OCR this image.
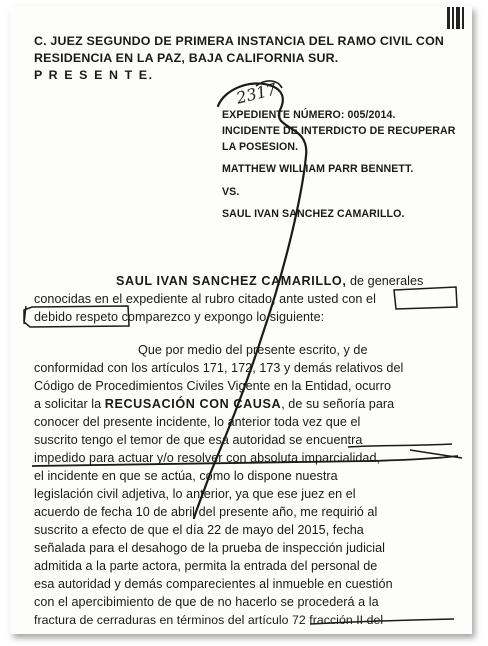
C. JUEZ SEGUNDO DE PRIMERA INSTANCIA DEL RAMO CIVIL CON
RESIDENCIA EN LA PAZ, BAJA CALIFORNIA SUR.
P R E S E N T E.
2317
EXPEDIENTE NÚMERO: 005/2014.
INCIDENTE DE INTERDICTO DE RECUPERAR
LA POSESION.
MATTHEW WILLIAM PARR BENNETT.
VS.
SAUL IVAN SANCHEZ CAMARILLO.
SAUL IVAN SANCHEZ CAMARILLO, de generales
conocidas en el expediente al rubro citado, ante usted con el
debido respeto comparezco y expongo lo siguiente:
Que por medio del presente escrito, y de
conformidad con los artículos 171, 172, 173 y demás relativos del
Código de Procedimientos Civiles Vigente en la Entidad, ocurro
a solicitar la RECUSACIÓN CON CAUSA, de su señoría para
conocer del presente incidente, lo anterior toda vez que el
suscrito tengo el temor de que esa autoridad se encuentra
impedido para actuar y/o resolver con absoluta imparcialidad,
el incidente en que se actúa, como lo dispone nuestra
legislación civil adjetiva, lo anterior, ya que ese juez en el
acuerdo de fecha 10 de abril del presente año, me requirió al
suscrito a efecto de que el día 22 de mayo del 2015, fecha
señalada para el desahogo de la prueba de inspección judicial
admitida a la parte actora, permita la entrada del personal de
esa autoridad y demás comparecientes al inmueble en cuestión
con el apercibimiento de que de no hacerlo se procederá a la
fractura de cerraduras en términos del artículo 72 fracción II del
